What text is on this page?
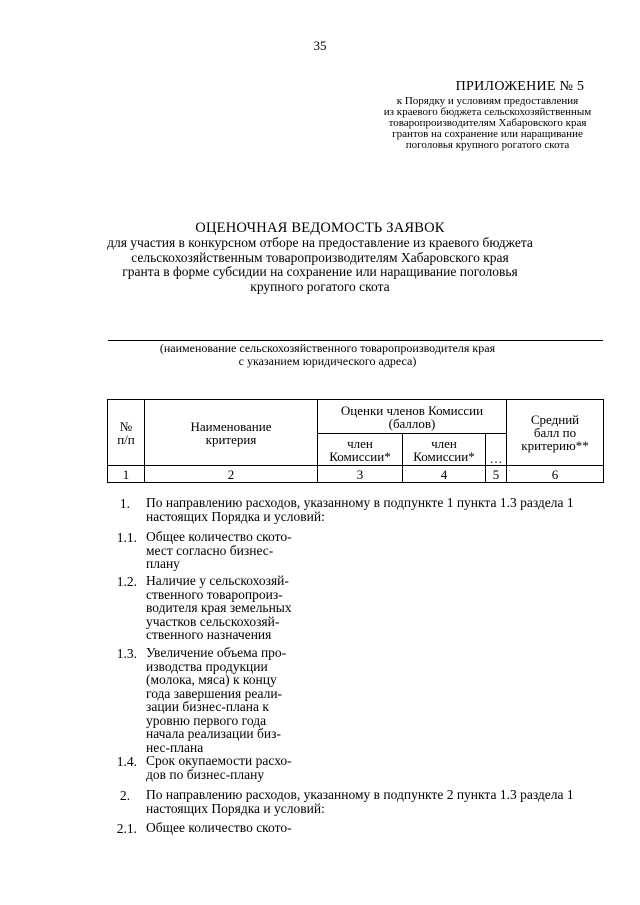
35
ПРИЛОЖЕНИЕ № 5
к Порядку и условиям предоставления
из краевого бюджета сельскохозяйственным
товаропроизводителям Хабаровского края
грантов на сохранение или наращивание
поголовья крупного рогатого скота
ОЦЕНОЧНАЯ ВЕДОМОСТЬ ЗАЯВОК
для участия в конкурсном отборе на предоставление из краевого бюджета
сельскохозяйственным товаропроизводителям Хабаровского края
гранта в форме субсидии на сохранение или наращивание поголовья
крупного рогатого скота
(наименование сельскохозяйственного товаропроизводителя края
с указанием юридического адреса)
№ п/п	Наименование критерия	Оценки членов Комиссии (баллов)			Средний балл по критерию**
		член Комиссии*	член Комиссии*	…	
1	2	3	4	5	6
1. По направлению расходов, указанному в подпункте 1 пункта 1.3 раздела 1
настоящих Порядка и условий:
1.1. Общее количество ското-
мест согласно бизнес-
плану
1.2. Наличие у сельскохозяй-
ственного товаропроиз-
водителя края земельных
участков сельскохозяй-
ственного назначения
1.3. Увеличение объема про-
изводства продукции
(молока, мяса) к концу
года завершения реали-
зации бизнес-плана к
уровню первого года
начала реализации биз-
нес-плана
1.4. Срок окупаемости расхо-
дов по бизнес-плану
2. По направлению расходов, указанному в подпункте 2 пункта 1.3 раздела 1
настоящих Порядка и условий:
2.1. Общее количество ското-
